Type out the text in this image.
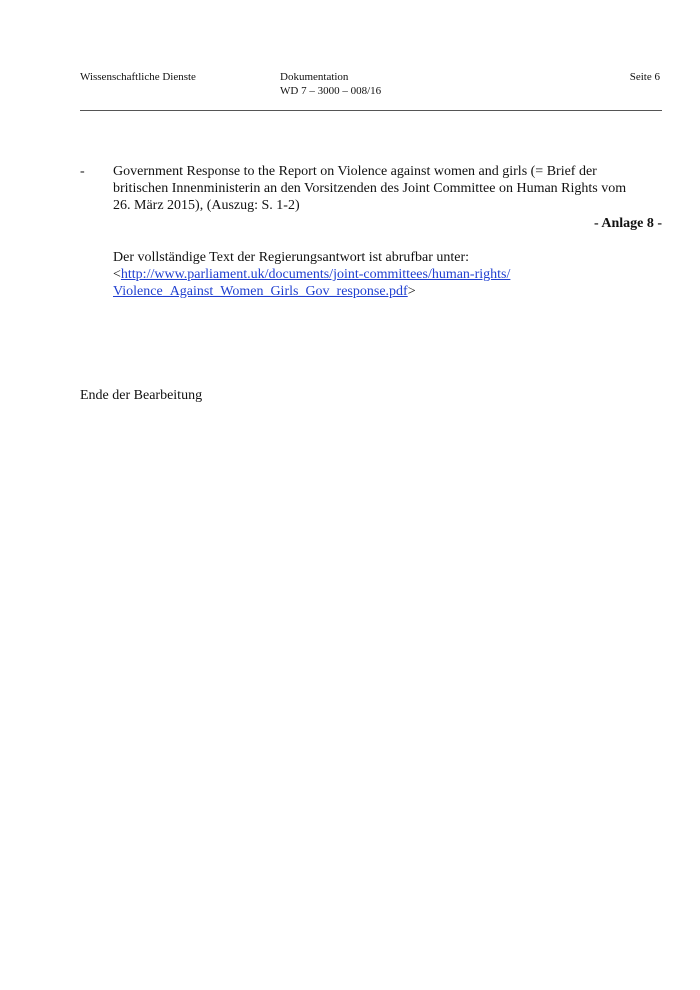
Wissenschaftliche Dienste	Dokumentation
WD 7 – 3000 – 008/16
Seite 6
- Government Response to the Report on Violence against women and girls (= Brief der
britischen Innenministerin an den Vorsitzenden des Joint Committee on Human Rights vom
26. März 2015), (Auszug: S. 1-2)
- Anlage 8 -
Der vollständige Text der Regierungsantwort ist abrufbar unter:
<http://www.parliament.uk/documents/joint-committees/human-rights/
Violence_Against_Women_Girls_Gov_response.pdf>
Ende der Bearbeitung
